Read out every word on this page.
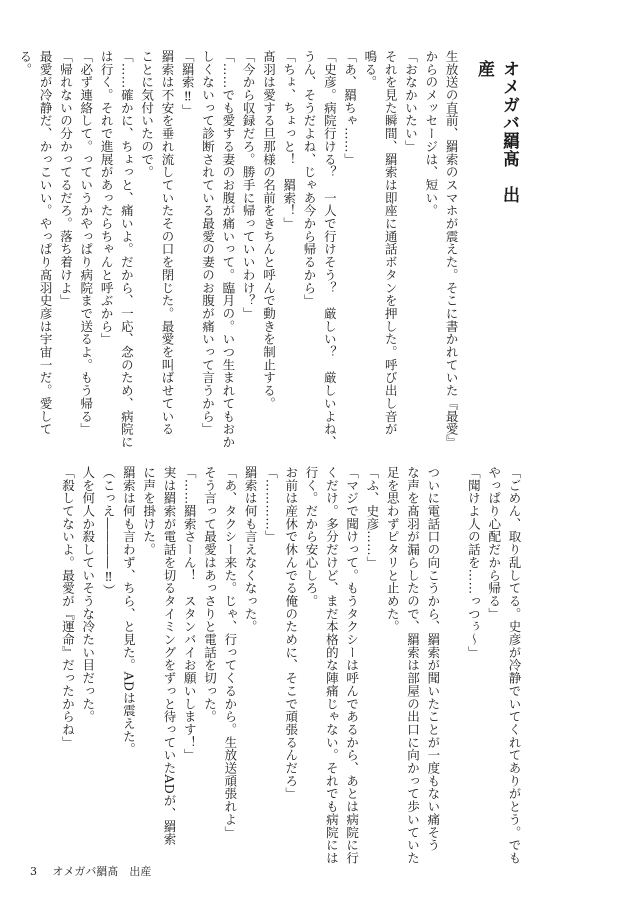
オメガバ羂髙　出産

生放送の直前、羂索のスマホが震えた。そこに書かれていた『最愛』
からのメッセージは、短い。
「おなかいたい」
それを見た瞬間、羂索は即座に通話ボタンを押した。呼び出し音が
鳴る。
「あ、羂ちゃ……」
「史彦。病院行ける？　一人で行けそう？　厳しい？　厳しいよね、
うん、そうだよね、じゃあ今から帰るから」
「ちょ、ちょっと！　羂索！」
髙羽は愛する旦那様の名前をきちんと呼んで動きを制止する。
「今から収録だろ。勝手に帰っていいわけ？」
「……でも愛する妻のお腹が痛いって。臨月の。いつ生まれてもおか
しくないって診断されている最愛の妻のお腹が痛いって言うから」
「羂索‼」
羂索は不安を垂れ流していたその口を閉じた。最愛を叫ばせている
ことに気付いたので。
「……確かに、ちょっと、痛いよ。だから、一応、念のため、病院に
は行く。それで進展があったらちゃんと呼ぶから」
「必ず連絡して。っていうかやっぱり病院まで送るよ。もう帰る」
「帰れないの分かってるだろ。落ち着けよ」
最愛が冷静だ、かっこいい。やっぱり髙羽史彦は宇宙一だ。愛して
る。
「ごめん、取り乱してる。史彦が冷静でいてくれてありがとう。でも
やっぱり心配だから帰る」
「聞けよ人の話を……っつぅ〜」

ついに電話口の向こうから、羂索が聞いたことが一度もない痛そう
な声を髙羽が漏らしたので、羂索は部屋の出口に向かって歩いていた
足を思わずピタリと止めた。
「ふ、史彦……」
「マジで聞けって。もうタクシーは呼んであるから、あとは病院に行
くだけ。多分だけど、まだ本格的な陣痛じゃない。それでも病院には
行く。だから安心しろ。
お前は産休で休んでる俺のために、そこで頑張るんだろ」
「…………」
羂索は何も言えなくなった。
「あ、タクシー来た。じゃ、行ってくるから。生放送頑張れよ」
そう言って最愛はあっさりと電話を切った。
「……羂索さーん！　スタンバイお願いします！」
実は羂索が電話を切るタイミングをずっと待っていたADが、羂索
に声を掛けた。
羂索は何も言わず、ちら、と見た。ADは震えた。
（こっえ――――‼）
人を何人か殺していそうな冷たい目だった。
「殺してないよ。最愛が『運命』だったからね」
3 オメガバ羂髙　出産
